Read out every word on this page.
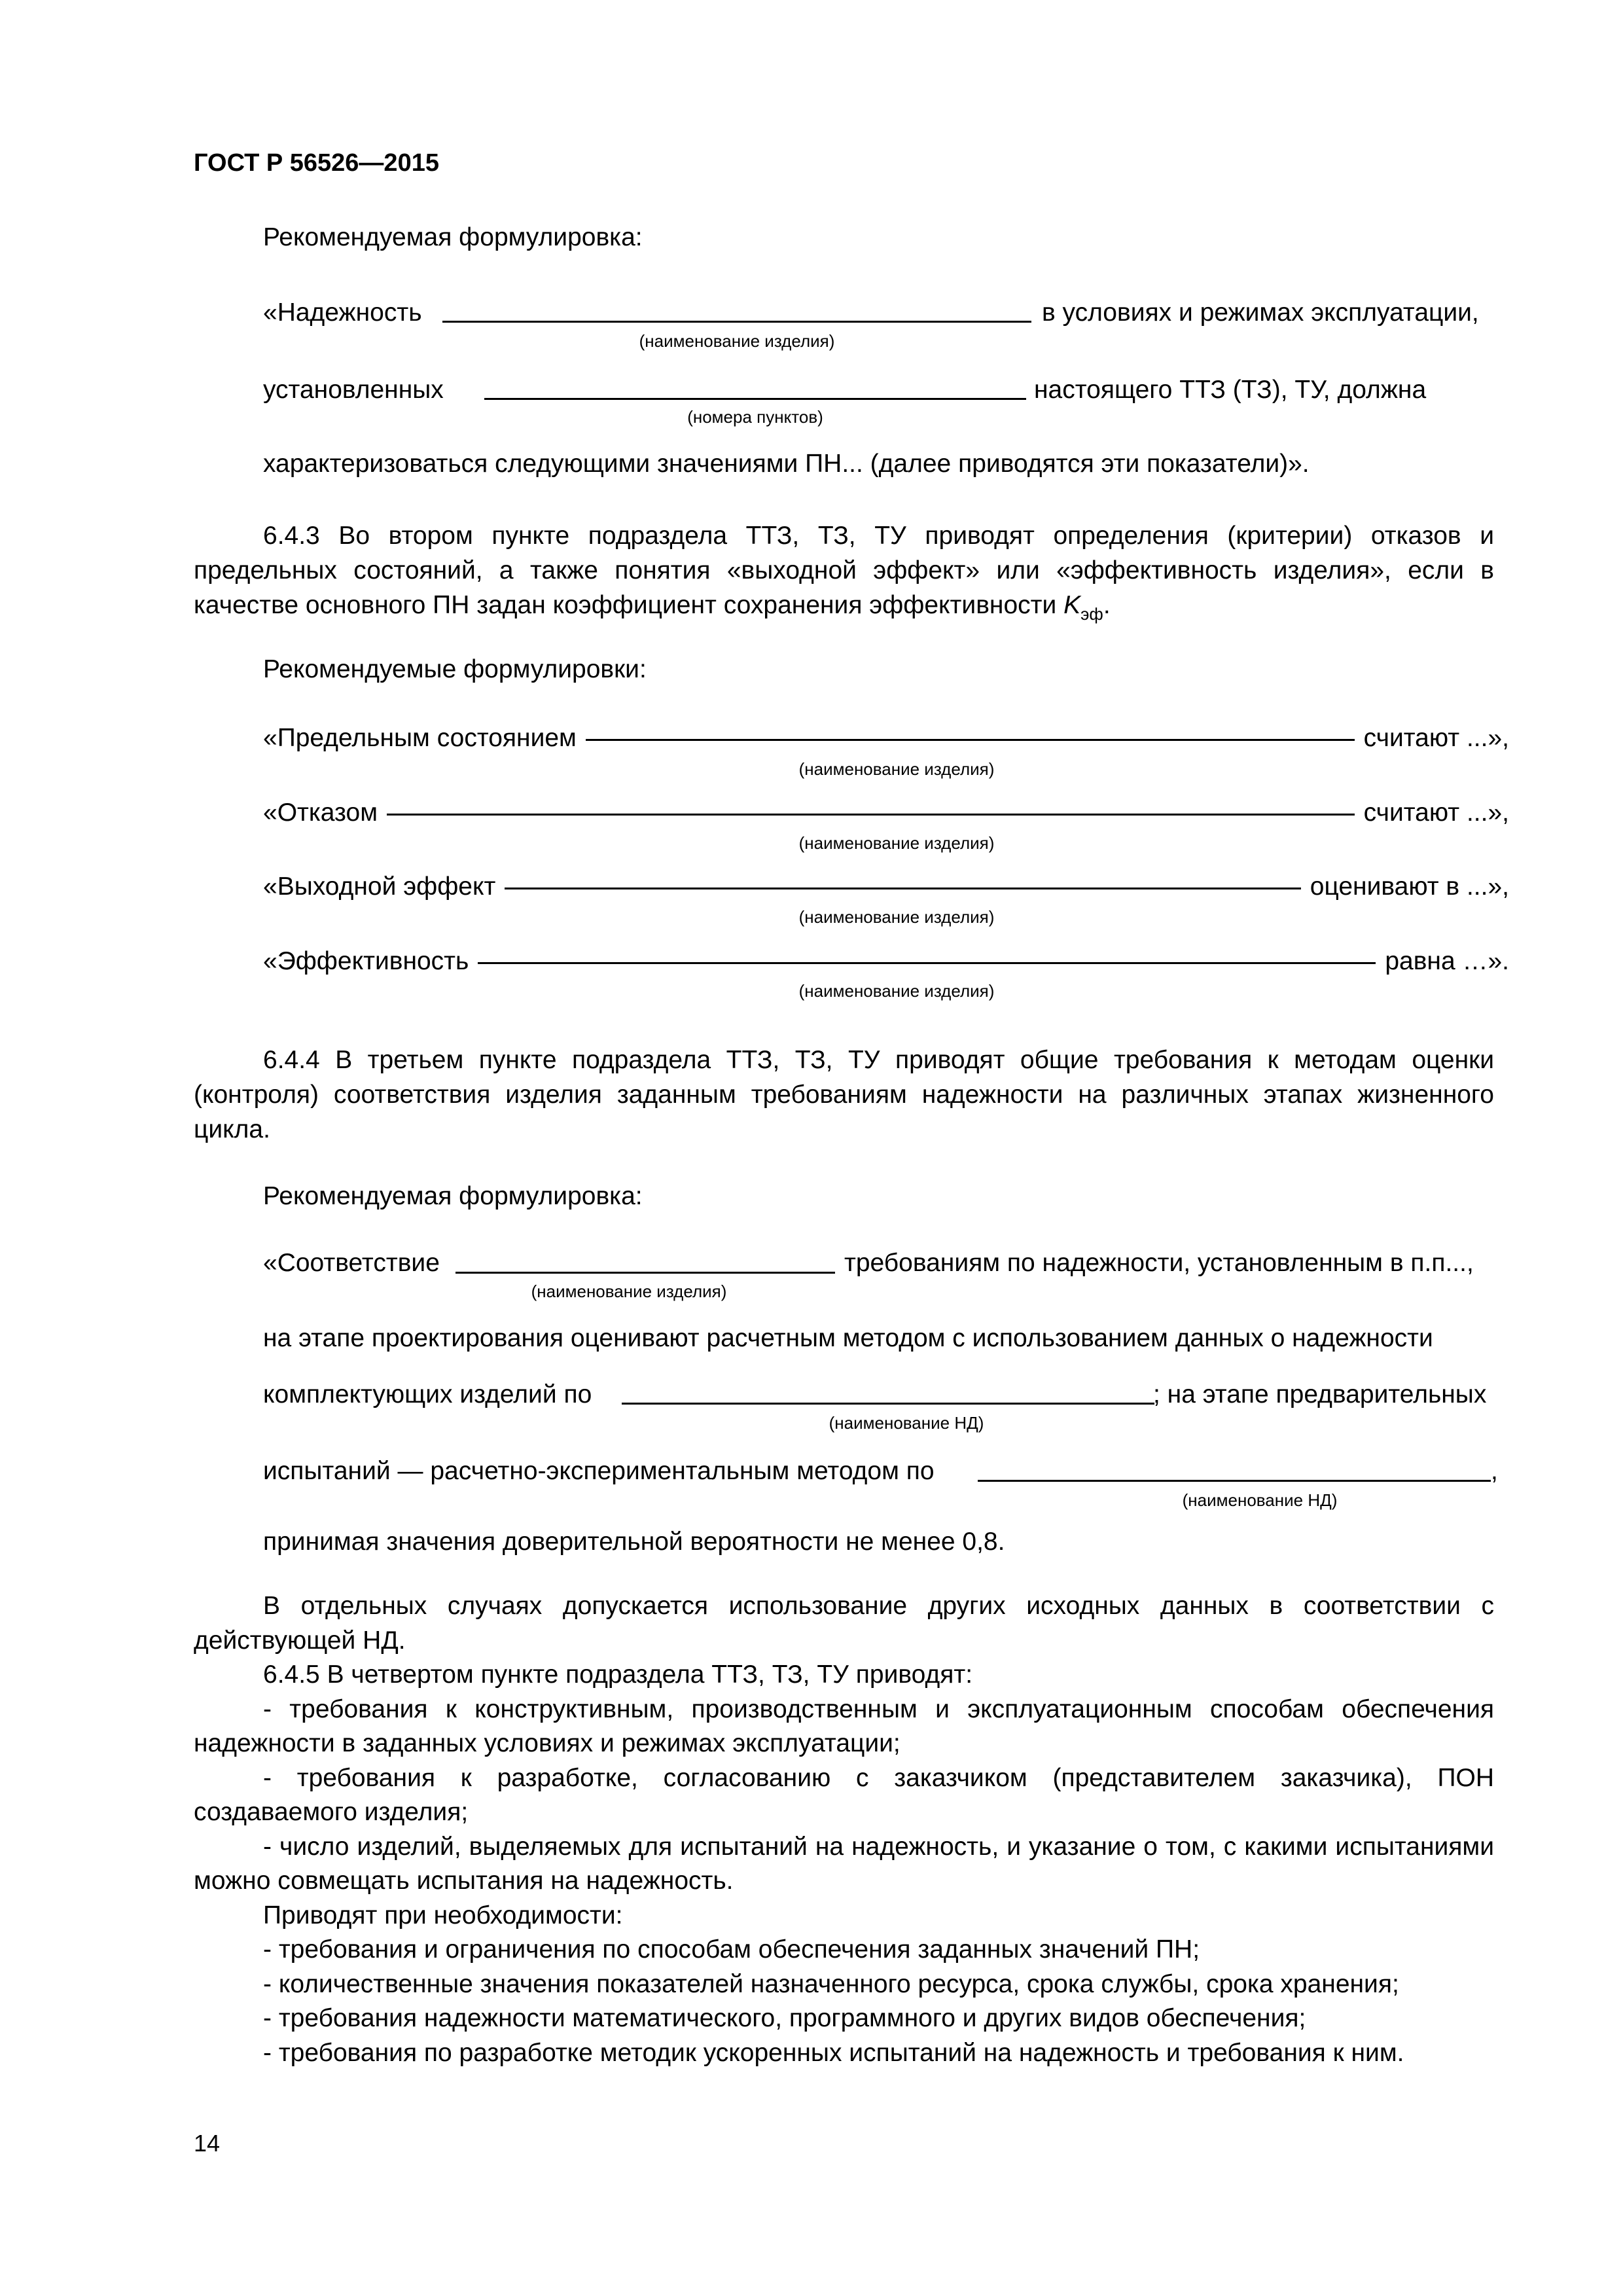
ГОСТ Р 56526—2015
Рекомендуемая формулировка:
«Надежность	в условиях и режимах эксплуатации,
(наименование изделия)
установленных	настоящего ТТЗ (ТЗ), ТУ, должна
(номера пунктов)
характеризоваться следующими значениями ПН... (далее приводятся эти показатели)».
6.4.3 Во втором пункте подраздела ТТЗ, ТЗ, ТУ приводят определения (критерии) отказов и предельных состояний, а также понятия «выходной эффект» или «эффективность изделия», если в качестве основного ПН задан коэффициент сохранения эффективности $K_{эф}$.
Рекомендуемые формулировки:
«Предельным состоянием	считают ...»,
(наименование изделия)
«Отказом	считают ...»,
(наименование изделия)
«Выходной эффект	оценивают в ...»,
(наименование изделия)
«Эффективность	равна …».
(наименование изделия)
6.4.4 В третьем пункте подраздела ТТЗ, ТЗ, ТУ приводят общие требования к методам оценки (контроля) соответствия изделия заданным требованиям надежности на различных этапах жизненного цикла.
Рекомендуемая формулировка:
«Соответствие	требованиям по надежности, установленным в п.п...,
(наименование изделия)
на этапе проектирования оценивают расчетным методом с использованием данных о надежности
комплектующих изделий по	; на этапе предварительных
(наименование НД)
испытаний — расчетно-экспериментальным методом по	,
(наименование НД)
принимая значения доверительной вероятности не менее 0,8.

В отдельных случаях допускается использование других исходных данных в соответствии с действующей НД.

6.4.5 В четвертом пункте подраздела ТТЗ, ТЗ, ТУ приводят:

- требования к конструктивным, производственным и эксплуатационным способам обеспечения надежности в заданных условиях и режимах эксплуатации;

- требования к разработке, согласованию с заказчиком (представителем заказчика), ПОН создаваемого изделия;

- число изделий, выделяемых для испытаний на надежность, и указание о том, с какими испытаниями можно совмещать испытания на надежность.

Приводят при необходимости:

- требования и ограничения по способам обеспечения заданных значений ПН;

- количественные значения показателей назначенного ресурса, срока службы, срока хранения;

- требования надежности математического, программного и других видов обеспечения;

- требования по разработке методик ускоренных испытаний на надежность и требования к ним.

14
